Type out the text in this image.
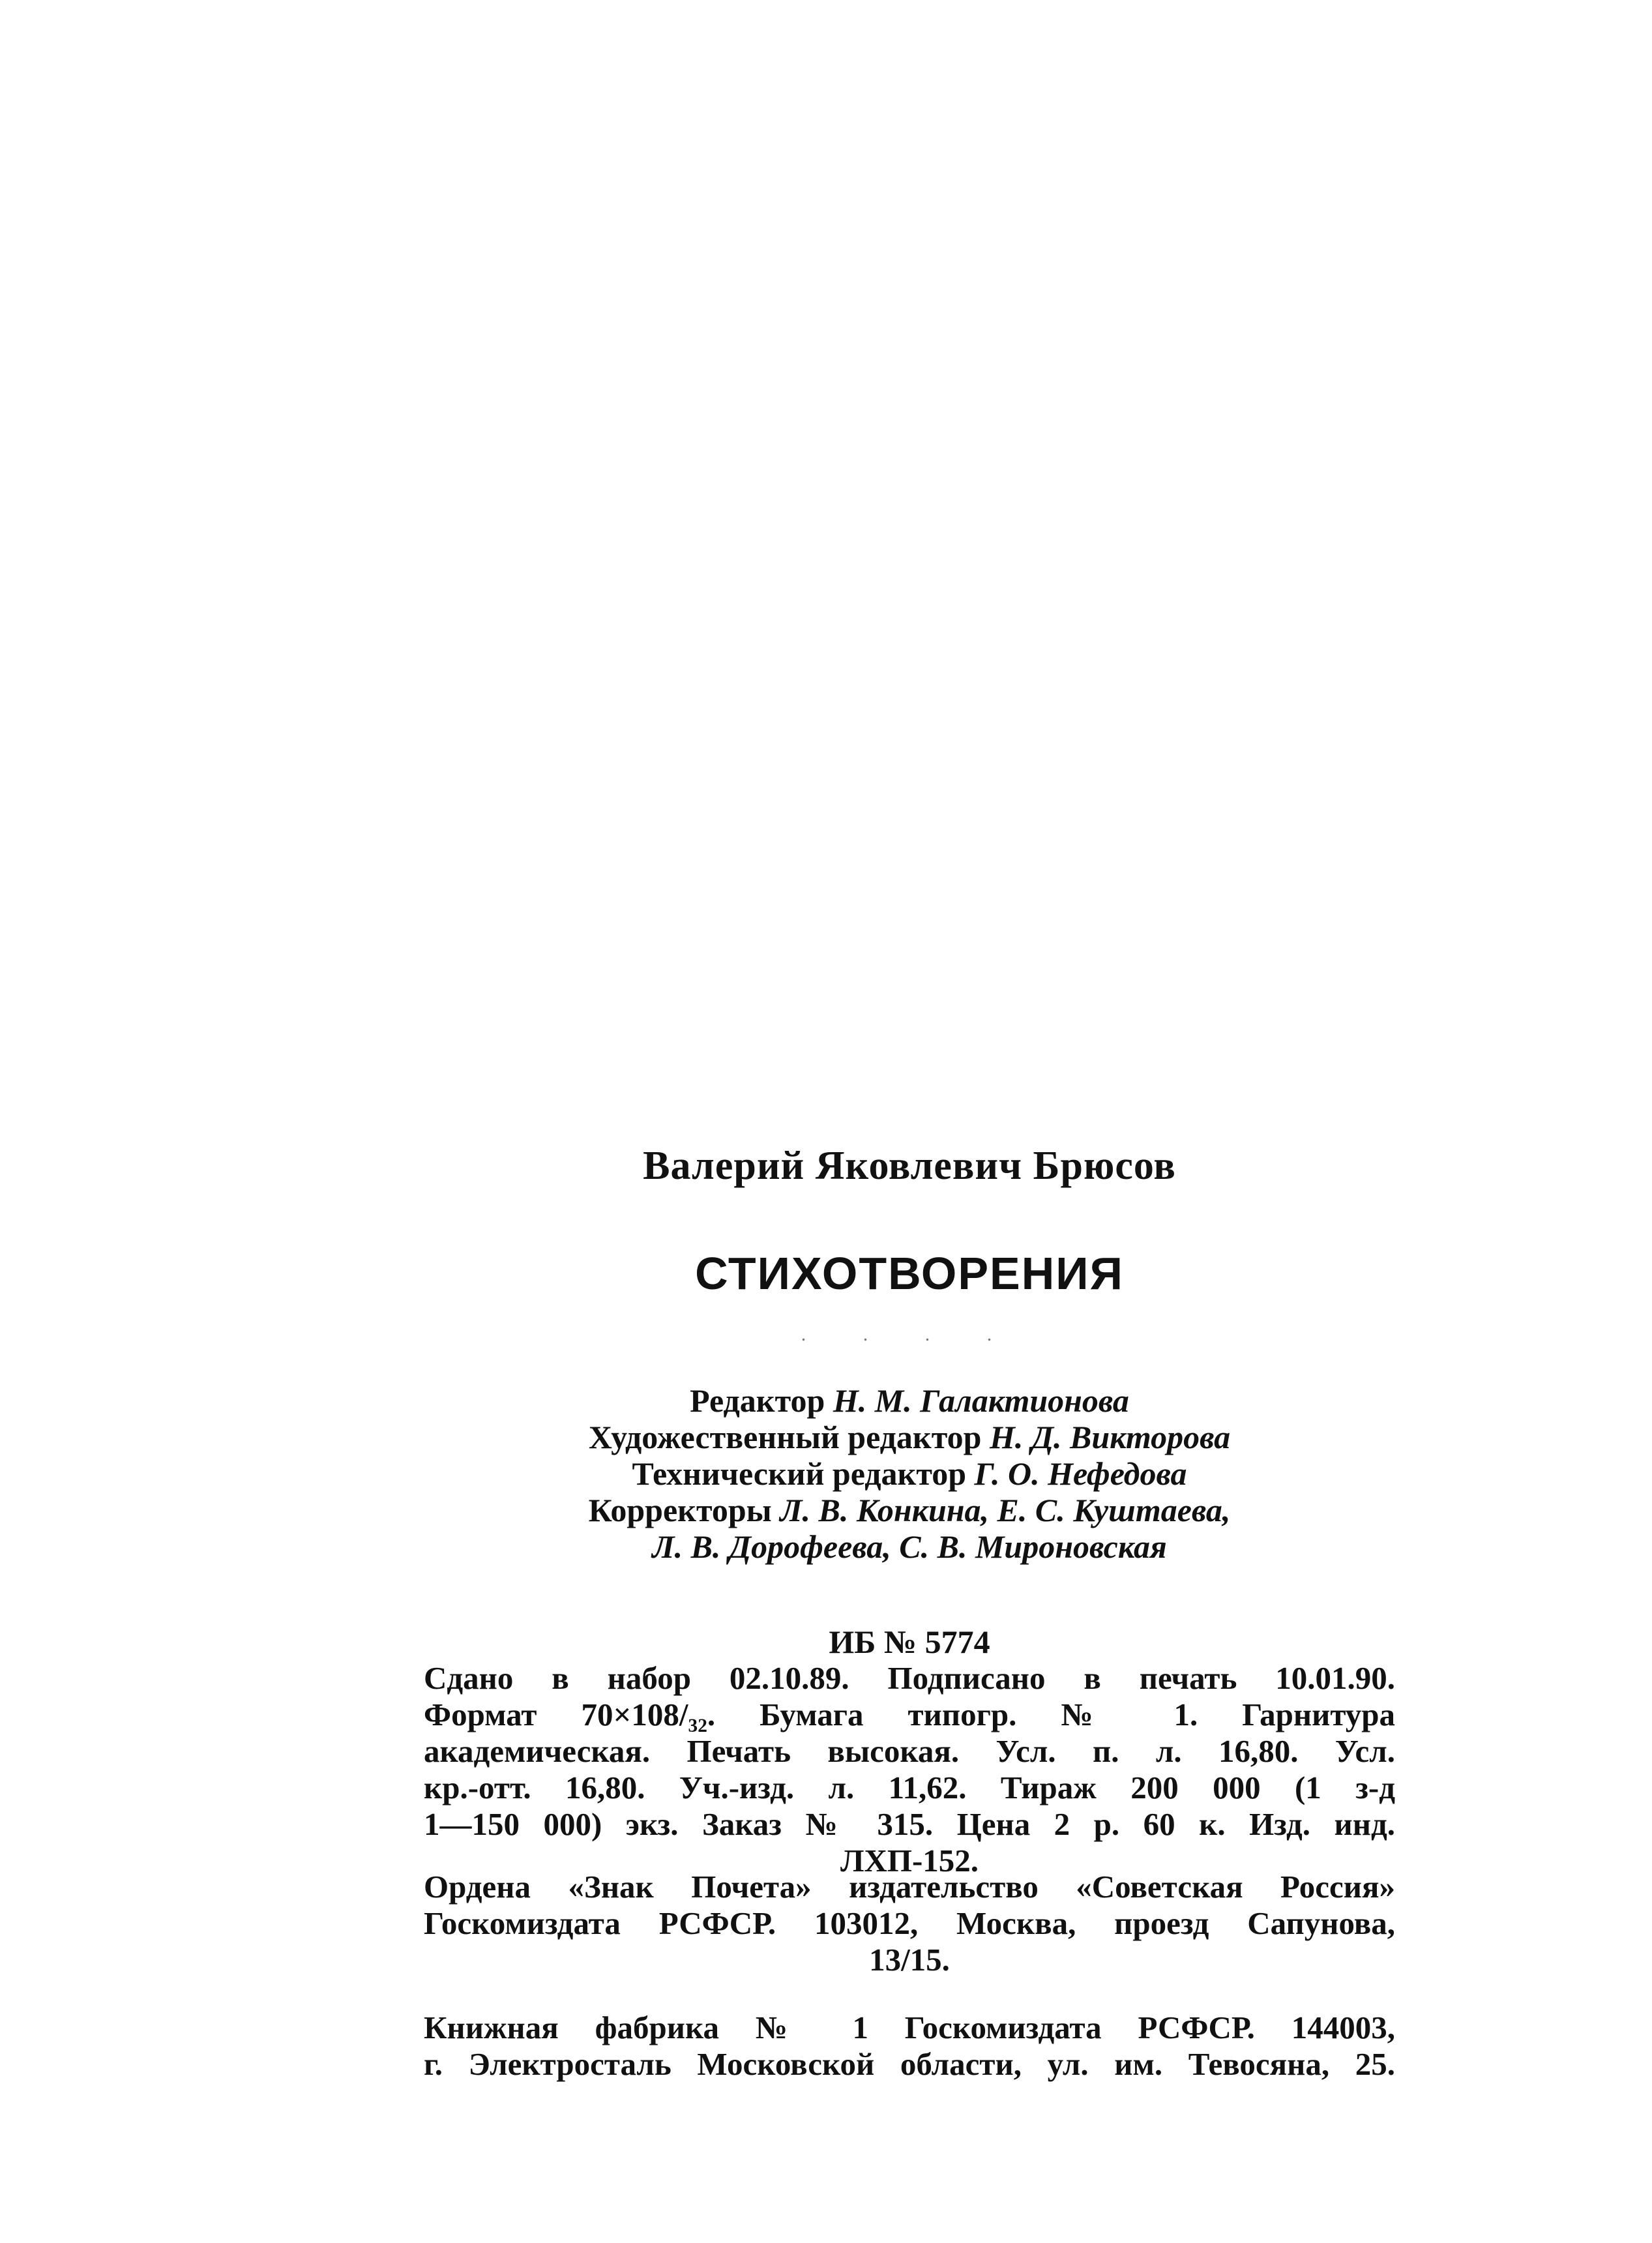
Валерий Яковлевич Брюсов
СТИХОТВОРЕНИЯ
. . . .
Редактор Н. М. Галактионова
Художественный редактор Н. Д. Викторова
Технический редактор Г. О. Нефедова
Корректоры Л. В. Конкина, Е. С. Куштаева,
Л. В. Дорофеева, С. В. Мироновская
ИБ № 5774
Сдано в набор 02.10.89. Подписано в печать 10.01.90.
Формат 70×108/₃₂. Бумага типогр. № 1. Гарнитура
академическая. Печать высокая. Усл. п. л. 16,80. Усл.
кр.-отт. 16,80. Уч.-изд. л. 11,62. Тираж 200 000 (1 з-д
1—150 000) экз. Заказ № 315. Цена 2 р. 60 к. Изд. инд.
ЛХП-152.
Ордена «Знак Почета» издательство «Советская Россия»
Госкомиздата РСФСР. 103012, Москва, проезд Сапунова,
13/15.
Книжная фабрика № 1 Госкомиздата РСФСР. 144003,
г. Электросталь Московской области, ул. им. Тевосяна, 25.
